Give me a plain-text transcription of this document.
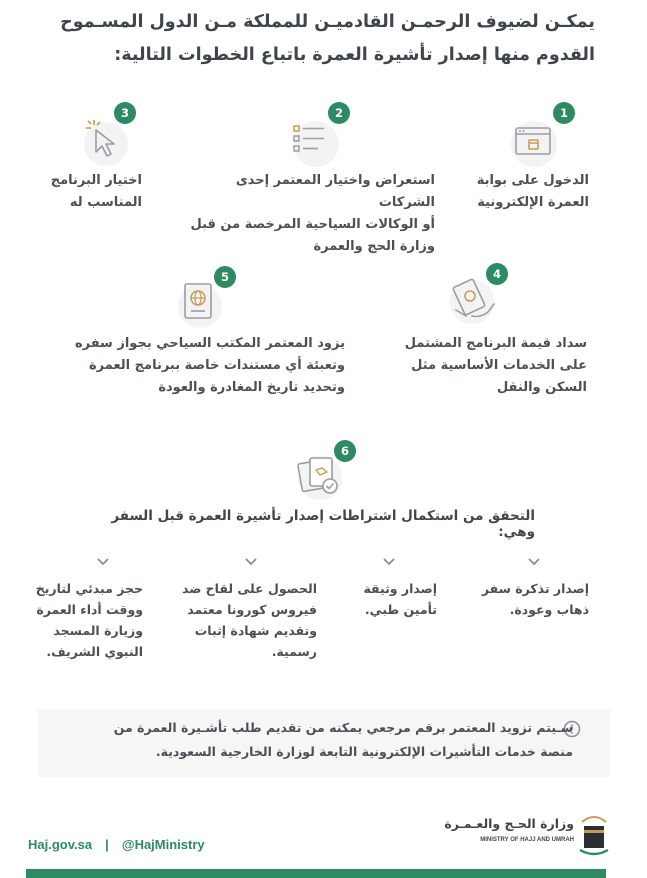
يمكـن لضيوف الرحمـن القادميـن للمملكة مـن الدول المسـموح
القدوم منها إصدار تأشيرة العمرة باتباع الخطوات التالية:
1
الدخول على بوابة
العمرة الإلكترونية
2
استعراض واختيار المعتمر إحدى الشركات
أو الوكالات السياحية المرخصة من قبل
وزارة الحج والعمرة
3
اختيار البرنامج
المناسب له
4
سداد قيمة البرنامج المشتمل
على الخدمات الأساسية مثل
السكن والنقل
5
يزود المعتمر المكتب السياحي بجواز سفره
وتعبئة أي مستندات خاصة ببرنامج العمرة
وتحديد تاريخ المغادرة والعودة
6
التحقق من استكمال اشتراطات إصدار تأشيرة العمرة قبل السفر وهي:
إصدار تذكرة سفر
ذهاب وعودة.
إصدار وثيقة
تأمين طبي.
الحصول على لقاح ضد
فيروس كورونا معتمد
وتقديم شهادة إثبات
رسمية.
حجز مبدئي لتاريخ
ووقت أداء العمرة
وزيارة المسجد
النبوي الشريف.
سـيتم تزويد المعتمر برقم مرجعي يمكنه من تقديم طلب تأشـيرة العمرة من
منصة خدمات التأشيرات الإلكترونية التابعة لوزارة الخارجية السعودية.
Haj.gov.sa | @HajMinistry
وزارة الحـج والعـمـرة
MINISTRY OF HAJJ AND UMRAH
